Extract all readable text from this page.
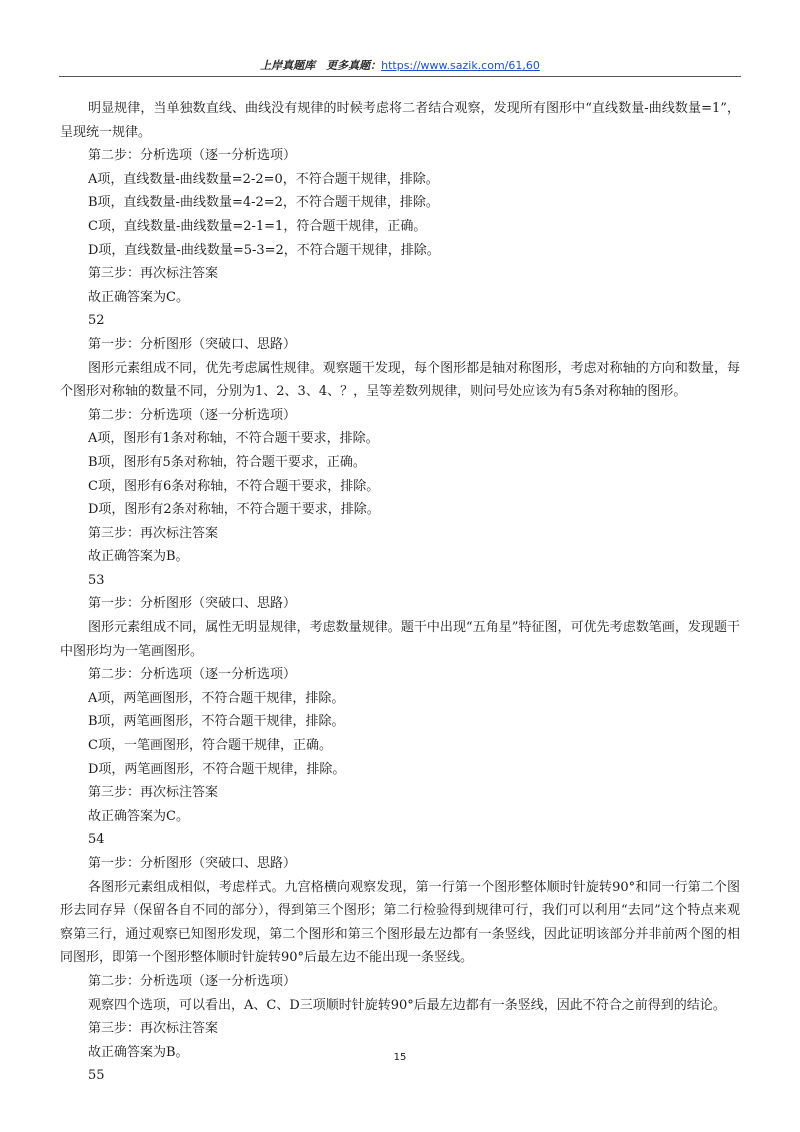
上岸真题库　更多真题：https://www.sazik.com/61,60

明显规律，当单独数直线、曲线没有规律的时候考虑将二者结合观察，发现所有图形中“直线数量-曲线数量=1”，呈现统一规律。

第二步：分析选项（逐一分析选项）

A项，直线数量-曲线数量=2-2=0，不符合题干规律，排除。

B项，直线数量-曲线数量=4-2=2，不符合题干规律，排除。

C项，直线数量-曲线数量=2-1=1，符合题干规律，正确。

D项，直线数量-曲线数量=5-3=2，不符合题干规律，排除。

第三步：再次标注答案

故正确答案为C。

52

第一步：分析图形（突破口、思路）

图形元素组成不同，优先考虑属性规律。观察题干发现，每个图形都是轴对称图形，考虑对称轴的方向和数量，每个图形对称轴的数量不同，分别为1、2、3、4、？，呈等差数列规律，则问号处应该为有5条对称轴的图形。

第二步：分析选项（逐一分析选项）

A项，图形有1条对称轴，不符合题干要求，排除。

B项，图形有5条对称轴，符合题干要求，正确。

C项，图形有6条对称轴，不符合题干要求，排除。

D项，图形有2条对称轴，不符合题干要求，排除。

第三步：再次标注答案

故正确答案为B。

53

第一步：分析图形（突破口、思路）

图形元素组成不同，属性无明显规律，考虑数量规律。题干中出现“五角星”特征图，可优先考虑数笔画，发现题干中图形均为一笔画图形。

第二步：分析选项（逐一分析选项）

A项，两笔画图形，不符合题干规律，排除。

B项，两笔画图形，不符合题干规律，排除。

C项，一笔画图形，符合题干规律，正确。

D项，两笔画图形，不符合题干规律，排除。

第三步：再次标注答案

故正确答案为C。

54

第一步：分析图形（突破口、思路）

各图形元素组成相似，考虑样式。九宫格横向观察发现，第一行第一个图形整体顺时针旋转90°和同一行第二个图形去同存异（保留各自不同的部分），得到第三个图形；第二行检验得到规律可行，我们可以利用“去同”这个特点来观察第三行，通过观察已知图形发现，第二个图形和第三个图形最左边都有一条竖线，因此证明该部分并非前两个图的相同图形，即第一个图形整体顺时针旋转90°后最左边不能出现一条竖线。

第二步：分析选项（逐一分析选项）

观察四个选项，可以看出，A、C、D三项顺时针旋转90°后最左边都有一条竖线，因此不符合之前得到的结论。

第三步：再次标注答案

故正确答案为B。

55

15
